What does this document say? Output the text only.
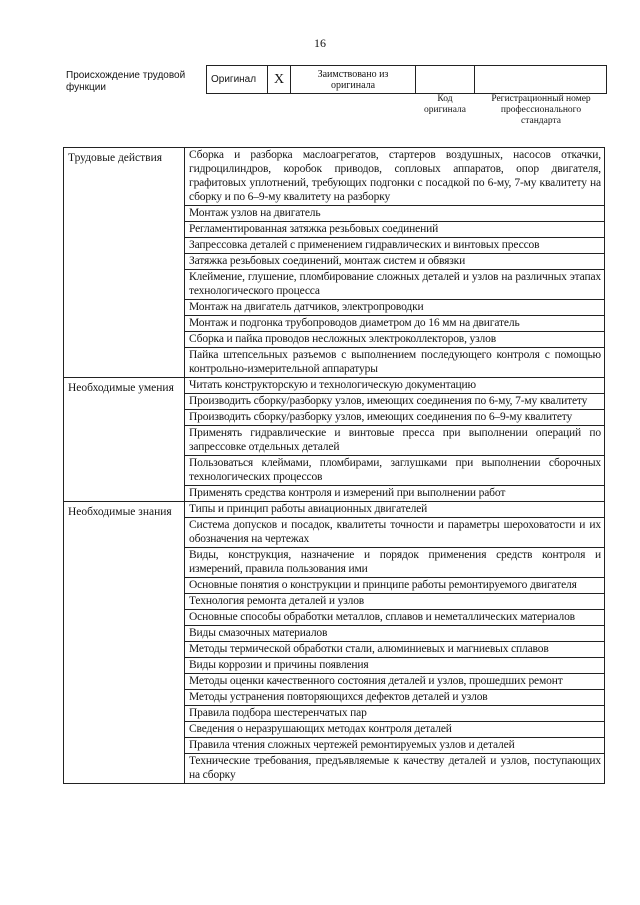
16
Происхождение трудовой функции
Оригинал	X	Заимствовано из оригинала		
Код оригинала
Регистрационный номер профессионального стандарта
Трудовые действия	Сборка и разборка маслоагрегатов, стартеров воздушных, насосов откачки, гидроцилиндров, коробок приводов, сопловых аппаратов, опор двигателя, графитовых уплотнений, требующих подгонки с посадкой по 6-му, 7-му квалитету на сборку и по 6–9-му квалитету на разборку
	Монтаж узлов на двигатель
	Регламентированная затяжка резьбовых соединений
	Запрессовка деталей с применением гидравлических и винтовых прессов
	Затяжка резьбовых соединений, монтаж систем и обвязки
	Клеймение, глушение, пломбирование сложных деталей и узлов на различных этапах технологического процесса
	Монтаж на двигатель датчиков, электропроводки
	Монтаж и подгонка трубопроводов диаметром до 16 мм на двигатель
	Сборка и пайка проводов несложных электроколлекторов, узлов
	Пайка штепсельных разъемов с выполнением последующего контроля с помощью контрольно-измерительной аппаратуры
Необходимые умения	Читать конструкторскую и технологическую документацию
	Производить сборку/разборку узлов, имеющих соединения по 6-му, 7-му квалитету
	Производить сборку/разборку узлов, имеющих соединения по 6–9-му квалитету
	Применять гидравлические и винтовые пресса при выполнении операций по запрессовке отдельных деталей
	Пользоваться клеймами, пломбирами, заглушками при выполнении сборочных технологических процессов
	Применять средства контроля и измерений при выполнении работ
Необходимые знания	Типы и принцип работы авиационных двигателей
	Система допусков и посадок, квалитеты точности и параметры шероховатости и их обозначения на чертежах
	Виды, конструкция, назначение и порядок применения средств контроля и измерений, правила пользования ими
	Основные понятия о конструкции и принципе работы ремонтируемого двигателя
	Технология ремонта деталей и узлов
	Основные способы обработки металлов, сплавов и неметаллических материалов
	Виды смазочных материалов
	Методы термической обработки стали, алюминиевых и магниевых сплавов
	Виды коррозии и причины появления
	Методы оценки качественного состояния деталей и узлов, прошедших ремонт
	Методы устранения повторяющихся дефектов деталей и узлов
	Правила подбора шестеренчатых пар
	Сведения о неразрушающих методах контроля деталей
	Правила чтения сложных чертежей ремонтируемых узлов и деталей
	Технические требования, предъявляемые к качеству деталей и узлов, поступающих на сборку
